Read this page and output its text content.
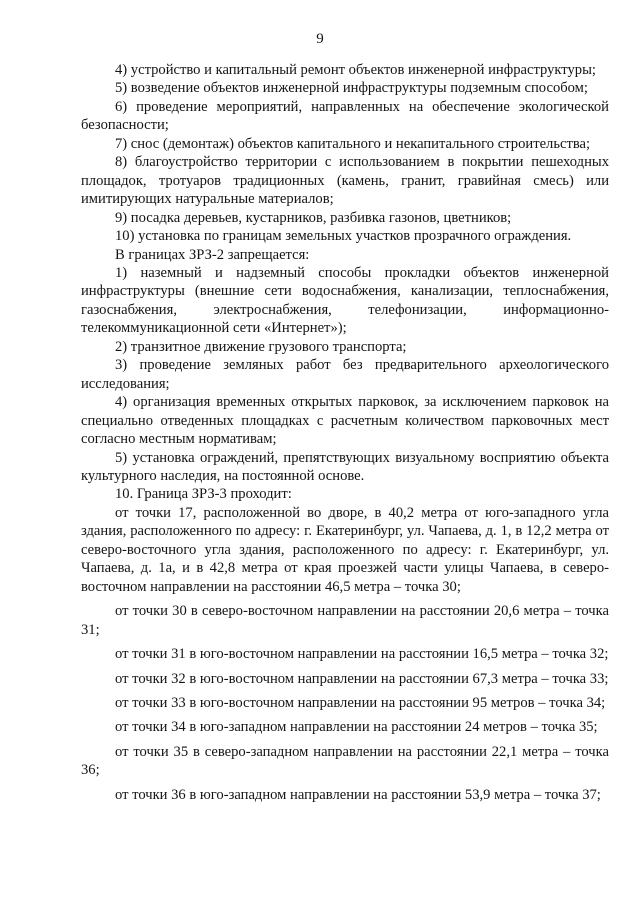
9

4) устройство и капитальный ремонт объектов инженерной инфраструктуры;

5) возведение объектов инженерной инфраструктуры подземным способом;

6) проведение мероприятий, направленных на обеспечение экологической безопасности;

7) снос (демонтаж) объектов капитального и некапитального строительства;

8) благоустройство территории с использованием в покрытии пешеходных площадок, тротуаров традиционных (камень, гранит, гравийная смесь) или имитирующих натуральные материалов;

9) посадка деревьев, кустарников, разбивка газонов, цветников;

10) установка по границам земельных участков прозрачного ограждения.

В границах ЗРЗ-2 запрещается:

1) наземный и надземный способы прокладки объектов инженерной инфраструктуры (внешние сети водоснабжения, канализации, теплоснабжения, газоснабжения, электроснабжения, телефонизации, информационно-телекоммуникационной сети «Интернет»);

2) транзитное движение грузового транспорта;

3) проведение земляных работ без предварительного археологического исследования;

4) организация временных открытых парковок, за исключением парковок на специально отведенных площадках с расчетным количеством парковочных мест согласно местным нормативам;

5) установка ограждений, препятствующих визуальному восприятию объекта культурного наследия, на постоянной основе.

10. Граница ЗРЗ-3 проходит:

от точки 17, расположенной во дворе, в 40,2 метра от юго-западного угла здания, расположенного по адресу: г. Екатеринбург, ул. Чапаева, д. 1, в 12,2 метра от северо-восточного угла здания, расположенного по адресу: г. Екатеринбург, ул. Чапаева, д. 1а, и в 42,8 метра от края проезжей части улицы Чапаева, в северо-восточном направлении на расстоянии 46,5 метра – точка 30;

от точки 30 в северо-восточном направлении на расстоянии 20,6 метра – точка 31;

от точки 31 в юго-восточном направлении на расстоянии 16,5 метра – точка 32;

от точки 32 в юго-восточном направлении на расстоянии 67,3 метра – точка 33;

от точки 33 в юго-восточном направлении на расстоянии 95 метров – точка 34;

от точки 34 в юго-западном направлении на расстоянии 24 метров – точка 35;

от точки 35 в северо-западном направлении на расстоянии 22,1 метра – точка 36;

от точки 36 в юго-западном направлении на расстоянии 53,9 метра – точка 37;
